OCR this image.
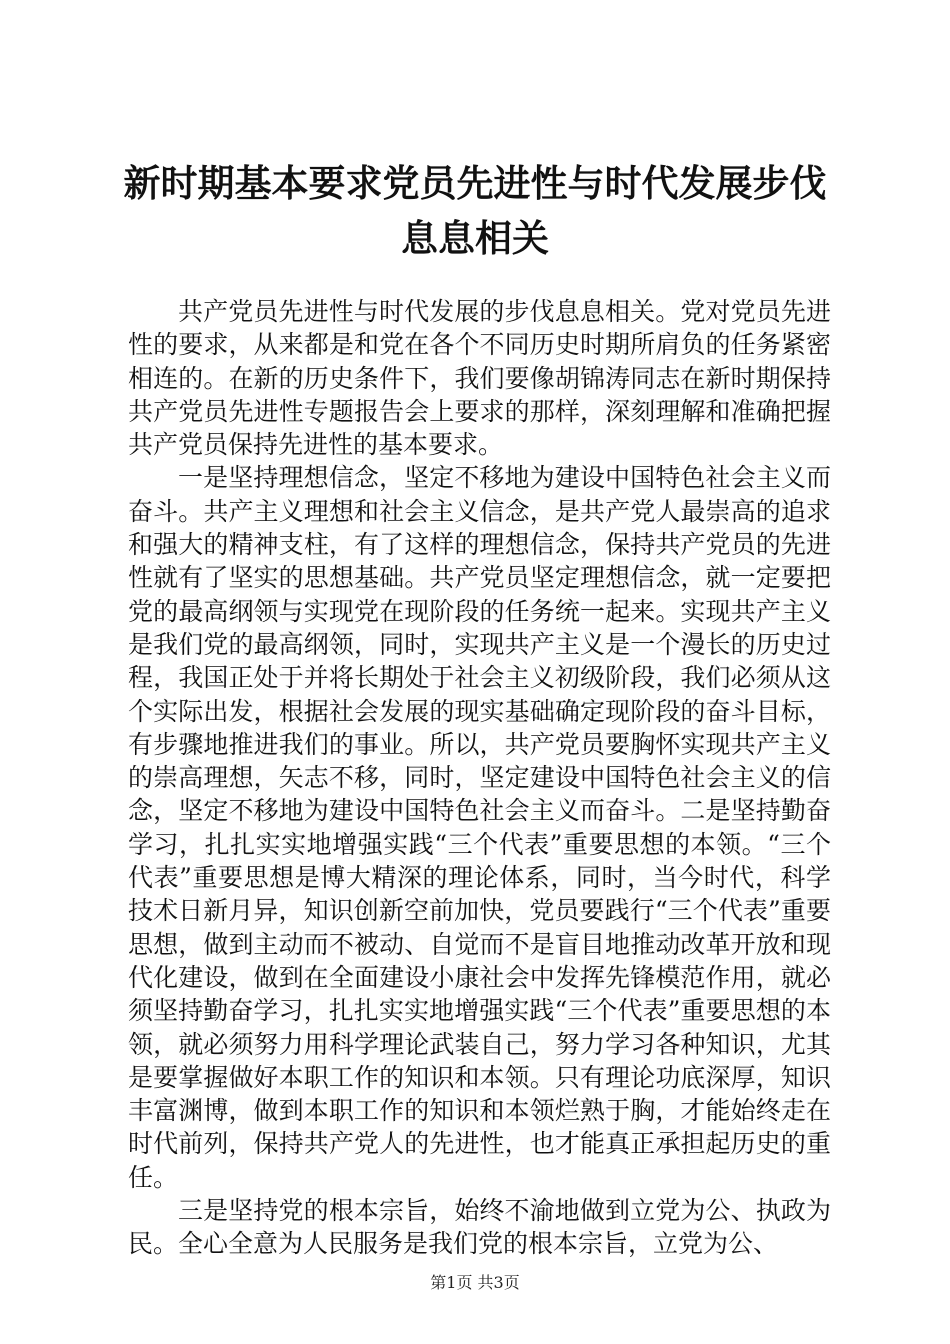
新时期基本要求党员先进性与时代发展步伐息息相关

共产党员先进性与时代发展的步伐息息相关。党对党员先进性的要求，从来都是和党在各个不同历史时期所肩负的任务紧密相连的。在新的历史条件下，我们要像胡锦涛同志在新时期保持共产党员先进性专题报告会上要求的那样，深刻理解和准确把握共产党员保持先进性的基本要求。

一是坚持理想信念，坚定不移地为建设中国特色社会主义而奋斗。共产主义理想和社会主义信念，是共产党人最崇高的追求和强大的精神支柱，有了这样的理想信念，保持共产党员的先进性就有了坚实的思想基础。共产党员坚定理想信念，就一定要把党的最高纲领与实现党在现阶段的任务统一起来。实现共产主义是我们党的最高纲领，同时，实现共产主义是一个漫长的历史过程，我国正处于并将长期处于社会主义初级阶段，我们必须从这个实际出发，根据社会发展的现实基础确定现阶段的奋斗目标，有步骤地推进我们的事业。所以，共产党员要胸怀实现共产主义的崇高理想，矢志不移，同时，坚定建设中国特色社会主义的信念，坚定不移地为建设中国特色社会主义而奋斗。二是坚持勤奋学习，扎扎实实地增强实践“三个代表”重要思想的本领。“三个代表”重要思想是博大精深的理论体系，同时，当今时代，科学技术日新月异，知识创新空前加快，党员要践行“三个代表”重要思想，做到主动而不被动、自觉而不是盲目地推动改革开放和现代化建设，做到在全面建设小康社会中发挥先锋模范作用，就必须坚持勤奋学习，扎扎实实地增强实践“三个代表”重要思想的本领，就必须努力用科学理论武装自己，努力学习各种知识，尤其是要掌握做好本职工作的知识和本领。只有理论功底深厚，知识丰富渊博，做到本职工作的知识和本领烂熟于胸，才能始终走在时代前列，保持共产党人的先进性，也才能真正承担起历史的重任。

三是坚持党的根本宗旨，始终不渝地做到立党为公、执政为民。全心全意为人民服务是我们党的根本宗旨，立党为公、

第1页 共3页
